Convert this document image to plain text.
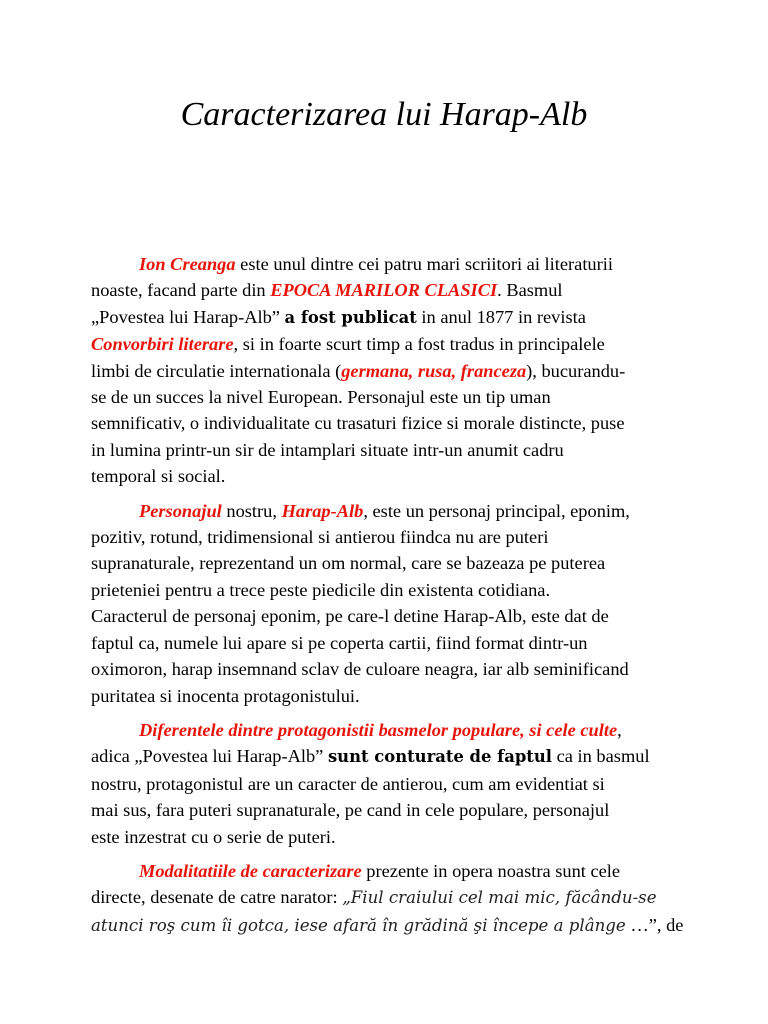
Caracterizarea lui Harap-Alb

Ion Creanga este unul dintre cei patru mari scriitori ai literaturii
noaste, facand parte din EPOCA MARILOR CLASICI. Basmul
„Povestea lui Harap-Alb” a fost publicat in anul 1877 in revista
Convorbiri literare, si in foarte scurt timp a fost tradus in principalele
limbi de circulatie internationala (germana, rusa, franceza), bucurandu-
se de un succes la nivel European. Personajul este un tip uman
semnificativ, o individualitate cu trasaturi fizice si morale distincte, puse
in lumina printr-un sir de intamplari situate intr-un anumit cadru
temporal si social.

Personajul nostru, Harap-Alb, este un personaj principal, eponim,
pozitiv, rotund, tridimensional si antierou fiindca nu are puteri
supranaturale, reprezentand un om normal, care se bazeaza pe puterea
prieteniei pentru a trece peste piedicile din existenta cotidiana.
Caracterul de personaj eponim, pe care-l detine Harap-Alb, este dat de
faptul ca, numele lui apare si pe coperta cartii, fiind format dintr-un
oximoron, harap insemnand sclav de culoare neagra, iar alb seminificand
puritatea si inocenta protagonistului.

Diferentele dintre protagonistii basmelor populare, si cele culte,
adica „Povestea lui Harap-Alb” sunt conturate de faptul ca in basmul
nostru, protagonistul are un caracter de antierou, cum am evidentiat si
mai sus, fara puteri supranaturale, pe cand in cele populare, personajul
este inzestrat cu o serie de puteri.

Modalitatiile de caracterizare prezente in opera noastra sunt cele
directe, desenate de catre narator: „Fiul craiului cel mai mic, făcându-se
atunci roş cum îi gotca, iese afară în grădină şi începe a plânge …”, de
